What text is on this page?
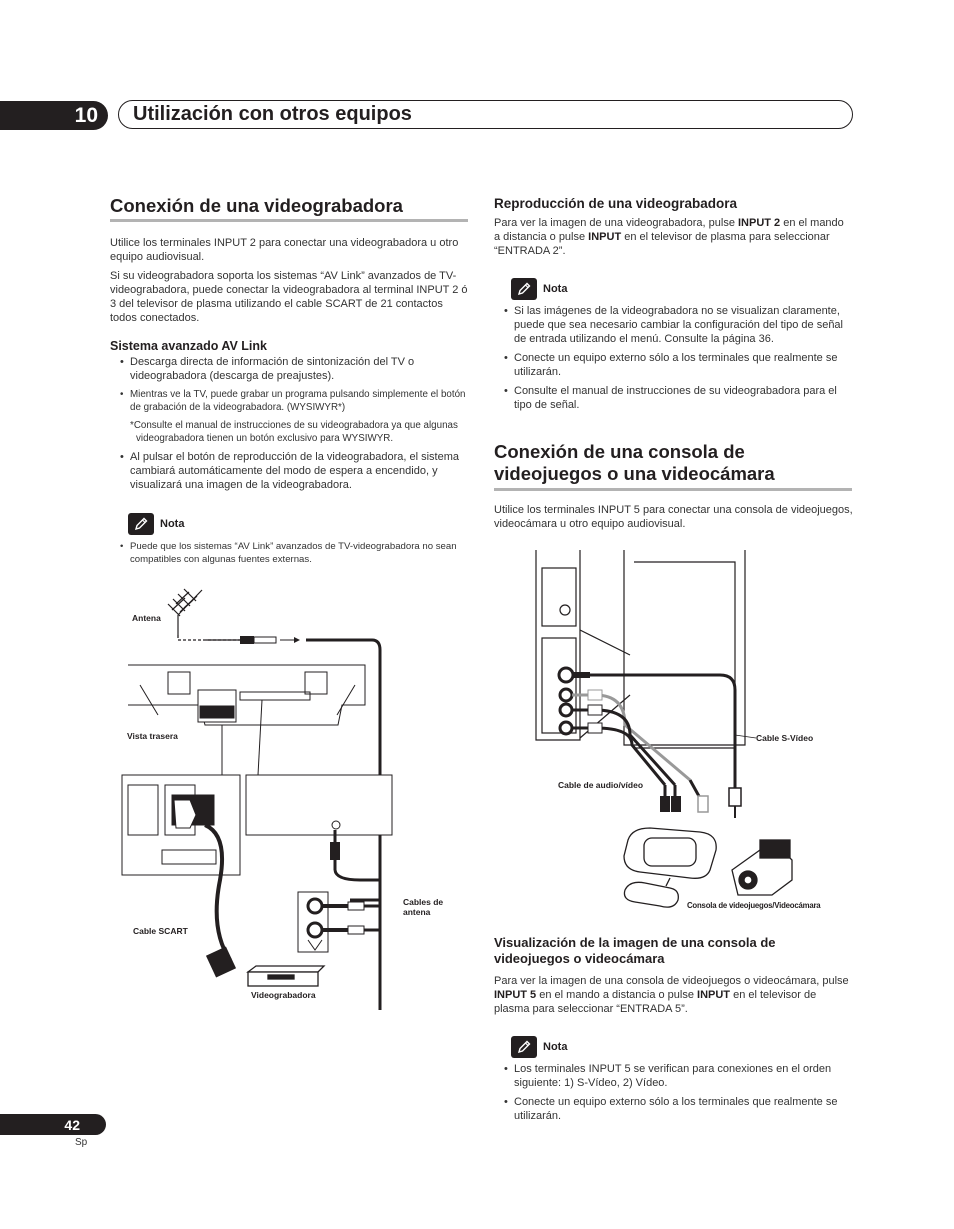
10	Utilización con otros equipos
Conexión de una videograbadora

Utilice los terminales INPUT 2 para conectar una videograbadora u otro equipo audiovisual.

Si su videograbadora soporta los sistemas “AV Link” avanzados de TV-videograbadora, puede conectar la videograbadora al terminal INPUT 2 ó 3 del televisor de plasma utilizando el cable SCART de 21 contactos todos conectados.

Sistema avanzado AV Link
• Descarga directa de información de sintonización del TV o videograbadora (descarga de preajustes).
• Mientras ve la TV, puede grabar un programa pulsando simplemente el botón de grabación de la videograbadora. (WYSIWYR*)
*Consulte el manual de instrucciones de su videograbadora ya que algunas videograbadora tienen un botón exclusivo para WYSIWYR.
• Al pulsar el botón de reproducción de la videograbadora, el sistema cambiará automáticamente del modo de espera a encendido, y visualizará una imagen de la videograbadora.
Nota
• Puede que los sistemas “AV Link” avanzados de TV-videograbadora no sean compatibles con algunas fuentes externas.
Antena
Vista trasera
Cables de antena
Cable SCART
Videograbadora
Reproducción de una videograbadora
Para ver la imagen de una videograbadora, pulse INPUT 2 en el mando a distancia o pulse INPUT en el televisor de plasma para seleccionar “ENTRADA 2”.
Nota
• Si las imágenes de la videograbadora no se visualizan claramente, puede que sea necesario cambiar la configuración del tipo de señal de entrada utilizando el menú. Consulte la página 36.
• Conecte un equipo externo sólo a los terminales que realmente se utilizarán.
• Consulte el manual de instrucciones de su videograbadora para el tipo de señal.
Conexión de una consola de videojuegos o una videocámara
Utilice los terminales INPUT 5 para conectar una consola de videojuegos, videocámara u otro equipo audiovisual.
Cable S-Vídeo
Cable de audio/vídeo
Consola de videojuegos/Videocámara
Visualización de la imagen de una consola de videojuegos o videocámara
Para ver la imagen de una consola de videojuegos o videocámara, pulse INPUT 5 en el mando a distancia o pulse INPUT en el televisor de plasma para seleccionar “ENTRADA 5”.
Nota
• Los terminales INPUT 5 se verifican para conexiones en el orden siguiente: 1) S-Vídeo, 2) Vídeo.
• Conecte un equipo externo sólo a los terminales que realmente se utilizarán.
42
Sp
